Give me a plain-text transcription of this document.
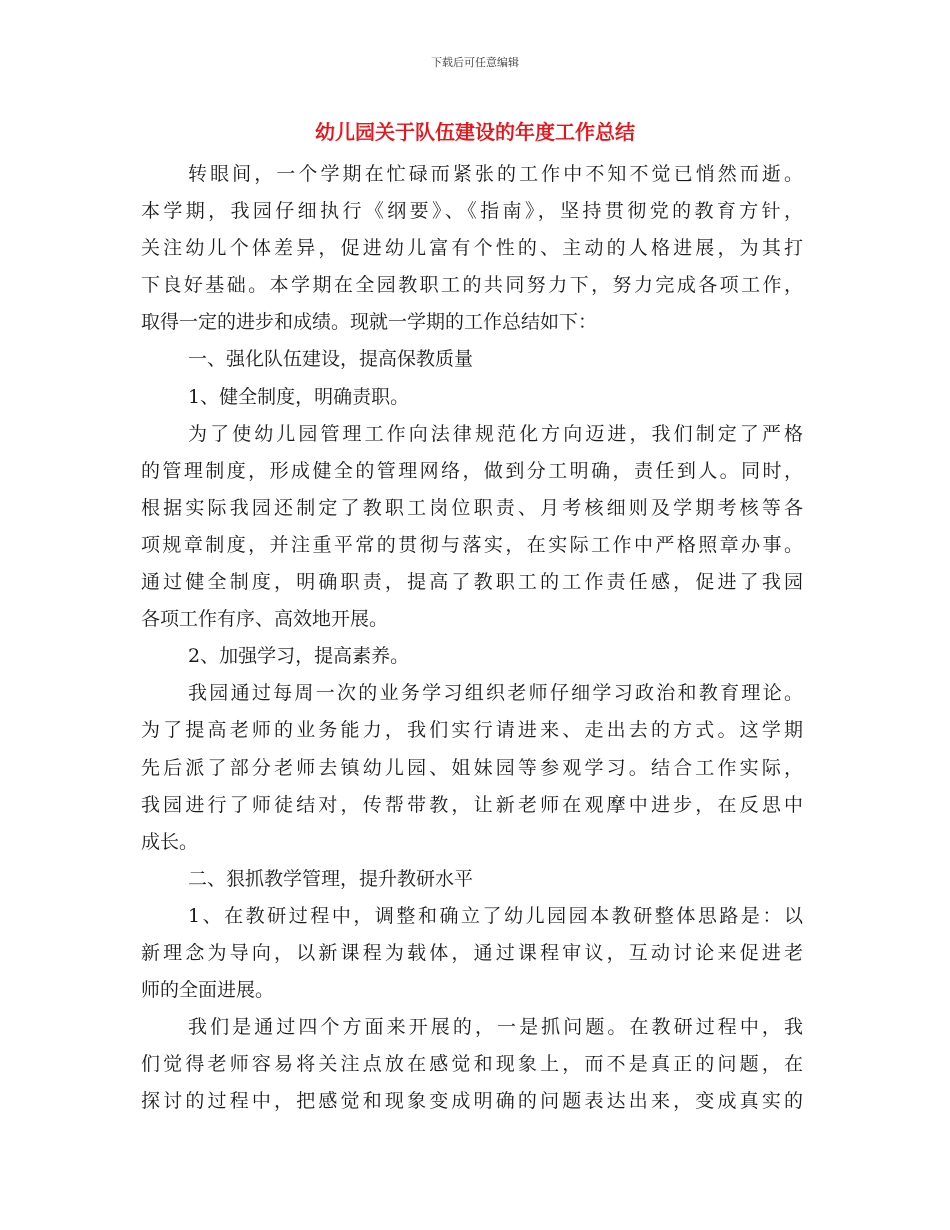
下载后可任意编辑
幼儿园关于队伍建设的年度工作总结
转眼间，一个学期在忙碌而紧张的工作中不知不觉已悄然而逝。
本学期，我园仔细执行《纲要》、《指南》，坚持贯彻党的教育方针，
关注幼儿个体差异，促进幼儿富有个性的、主动的人格进展，为其打
下良好基础。本学期在全园教职工的共同努力下，努力完成各项工作，
取得一定的进步和成绩。现就一学期的工作总结如下：
一、强化队伍建设，提高保教质量
1、健全制度，明确责职。
为了使幼儿园管理工作向法律规范化方向迈进，我们制定了严格
的管理制度，形成健全的管理网络，做到分工明确，责任到人。同时，
根据实际我园还制定了教职工岗位职责、月考核细则及学期考核等各
项规章制度，并注重平常的贯彻与落实，在实际工作中严格照章办事。
通过健全制度，明确职责，提高了教职工的工作责任感，促进了我园
各项工作有序、高效地开展。
2、加强学习，提高素养。
我园通过每周一次的业务学习组织老师仔细学习政治和教育理论。
为了提高老师的业务能力，我们实行请进来、走出去的方式。这学期
先后派了部分老师去镇幼儿园、姐妹园等参观学习。结合工作实际，
我园进行了师徒结对，传帮带教，让新老师在观摩中进步，在反思中
成长。
二、狠抓教学管理，提升教研水平
1、在教研过程中，调整和确立了幼儿园园本教研整体思路是：以
新理念为导向，以新课程为载体，通过课程审议，互动讨论来促进老
师的全面进展。
我们是通过四个方面来开展的，一是抓问题。在教研过程中，我
们觉得老师容易将关注点放在感觉和现象上，而不是真正的问题，在
探讨的过程中，把感觉和现象变成明确的问题表达出来，变成真实的
